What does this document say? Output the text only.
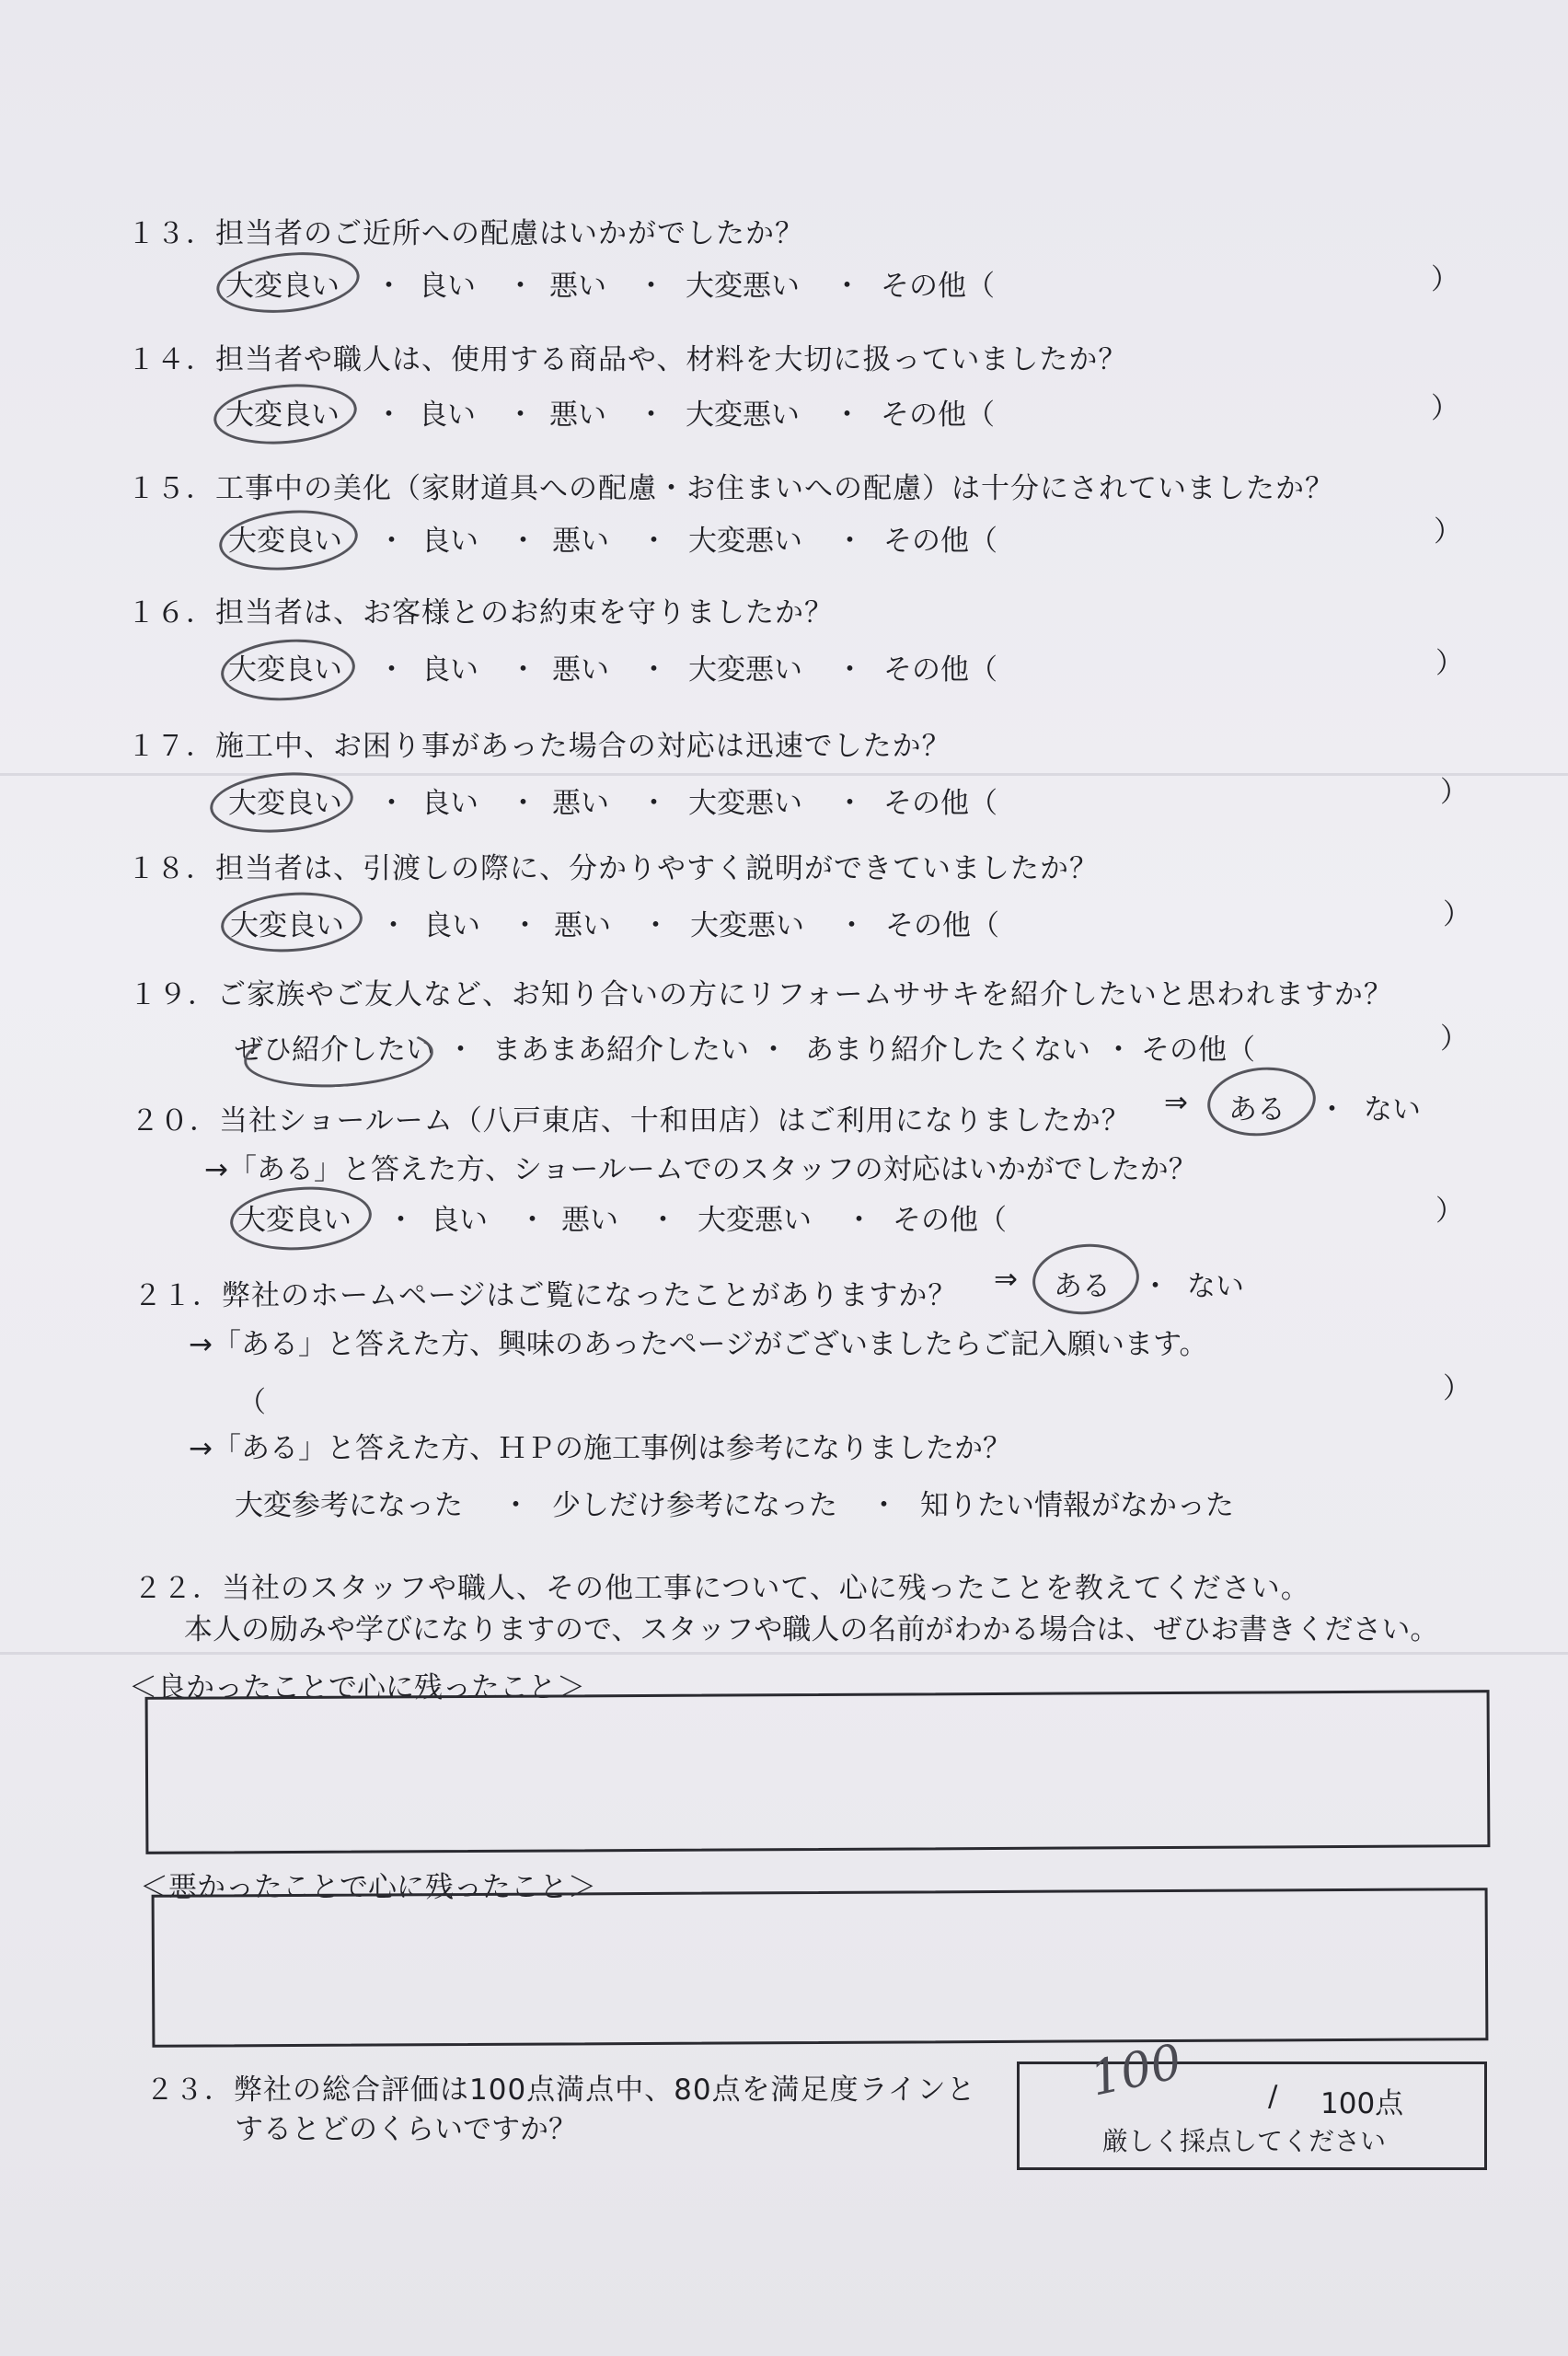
１３．担当者のご近所への配慮はいかがでしたか？
大変良い ・ 良い ・ 悪い ・ 大変悪い ・ その他（	）
１４．担当者や職人は、使用する商品や、材料を大切に扱っていましたか？
大変良い ・ 良い ・ 悪い ・ 大変悪い ・ その他（	）
１５．工事中の美化（家財道具への配慮・お住まいへの配慮）は十分にされていましたか？
大変良い ・ 良い ・ 悪い ・ 大変悪い ・ その他（	）
１６．担当者は、お客様とのお約束を守りましたか？
大変良い ・ 良い ・ 悪い ・ 大変悪い ・ その他（	）
１７．施工中、お困り事があった場合の対応は迅速でしたか？
大変良い ・ 良い ・ 悪い ・ 大変悪い ・ その他（	）
１８．担当者は、引渡しの際に、分かりやすく説明ができていましたか？
大変良い ・ 良い ・ 悪い ・ 大変悪い ・ その他（	）
１９．ご家族やご友人など、お知り合いの方にリフォームササキを紹介したいと思われますか？
ぜひ紹介したい ・ まあまあ紹介したい ・ あまり紹介したくない ・ その他（	）
２０．当社ショールーム（八戸東店、十和田店）はご利用になりましたか？
⇒ ある ・ ない
→「ある」と答えた方、ショールームでのスタッフの対応はいかがでしたか？
大変良い ・ 良い ・ 悪い ・ 大変悪い ・ その他（	）
２１．弊社のホームページはご覧になったことがありますか？ ⇒ ある ・ ない
→「ある」と答えた方、興味のあったページがございましたらご記入願います。
（	）
→「ある」と答えた方、ＨＰの施工事例は参考になりましたか？
大変参考になった ・ 少しだけ参考になった ・ 知りたい情報がなかった
２２．当社のスタッフや職人、その他工事について、心に残ったことを教えてください。
本人の励みや学びになりますので、スタッフや職人の名前がわかる場合は、ぜひお書きください。
＜良かったことで心に残ったこと＞
＜悪かったことで心に残ったこと＞
２３．弊社の総合評価は100点満点中、80点を満足度ラインと
するとどのくらいですか？
100	/ 100点
厳しく採点してください
